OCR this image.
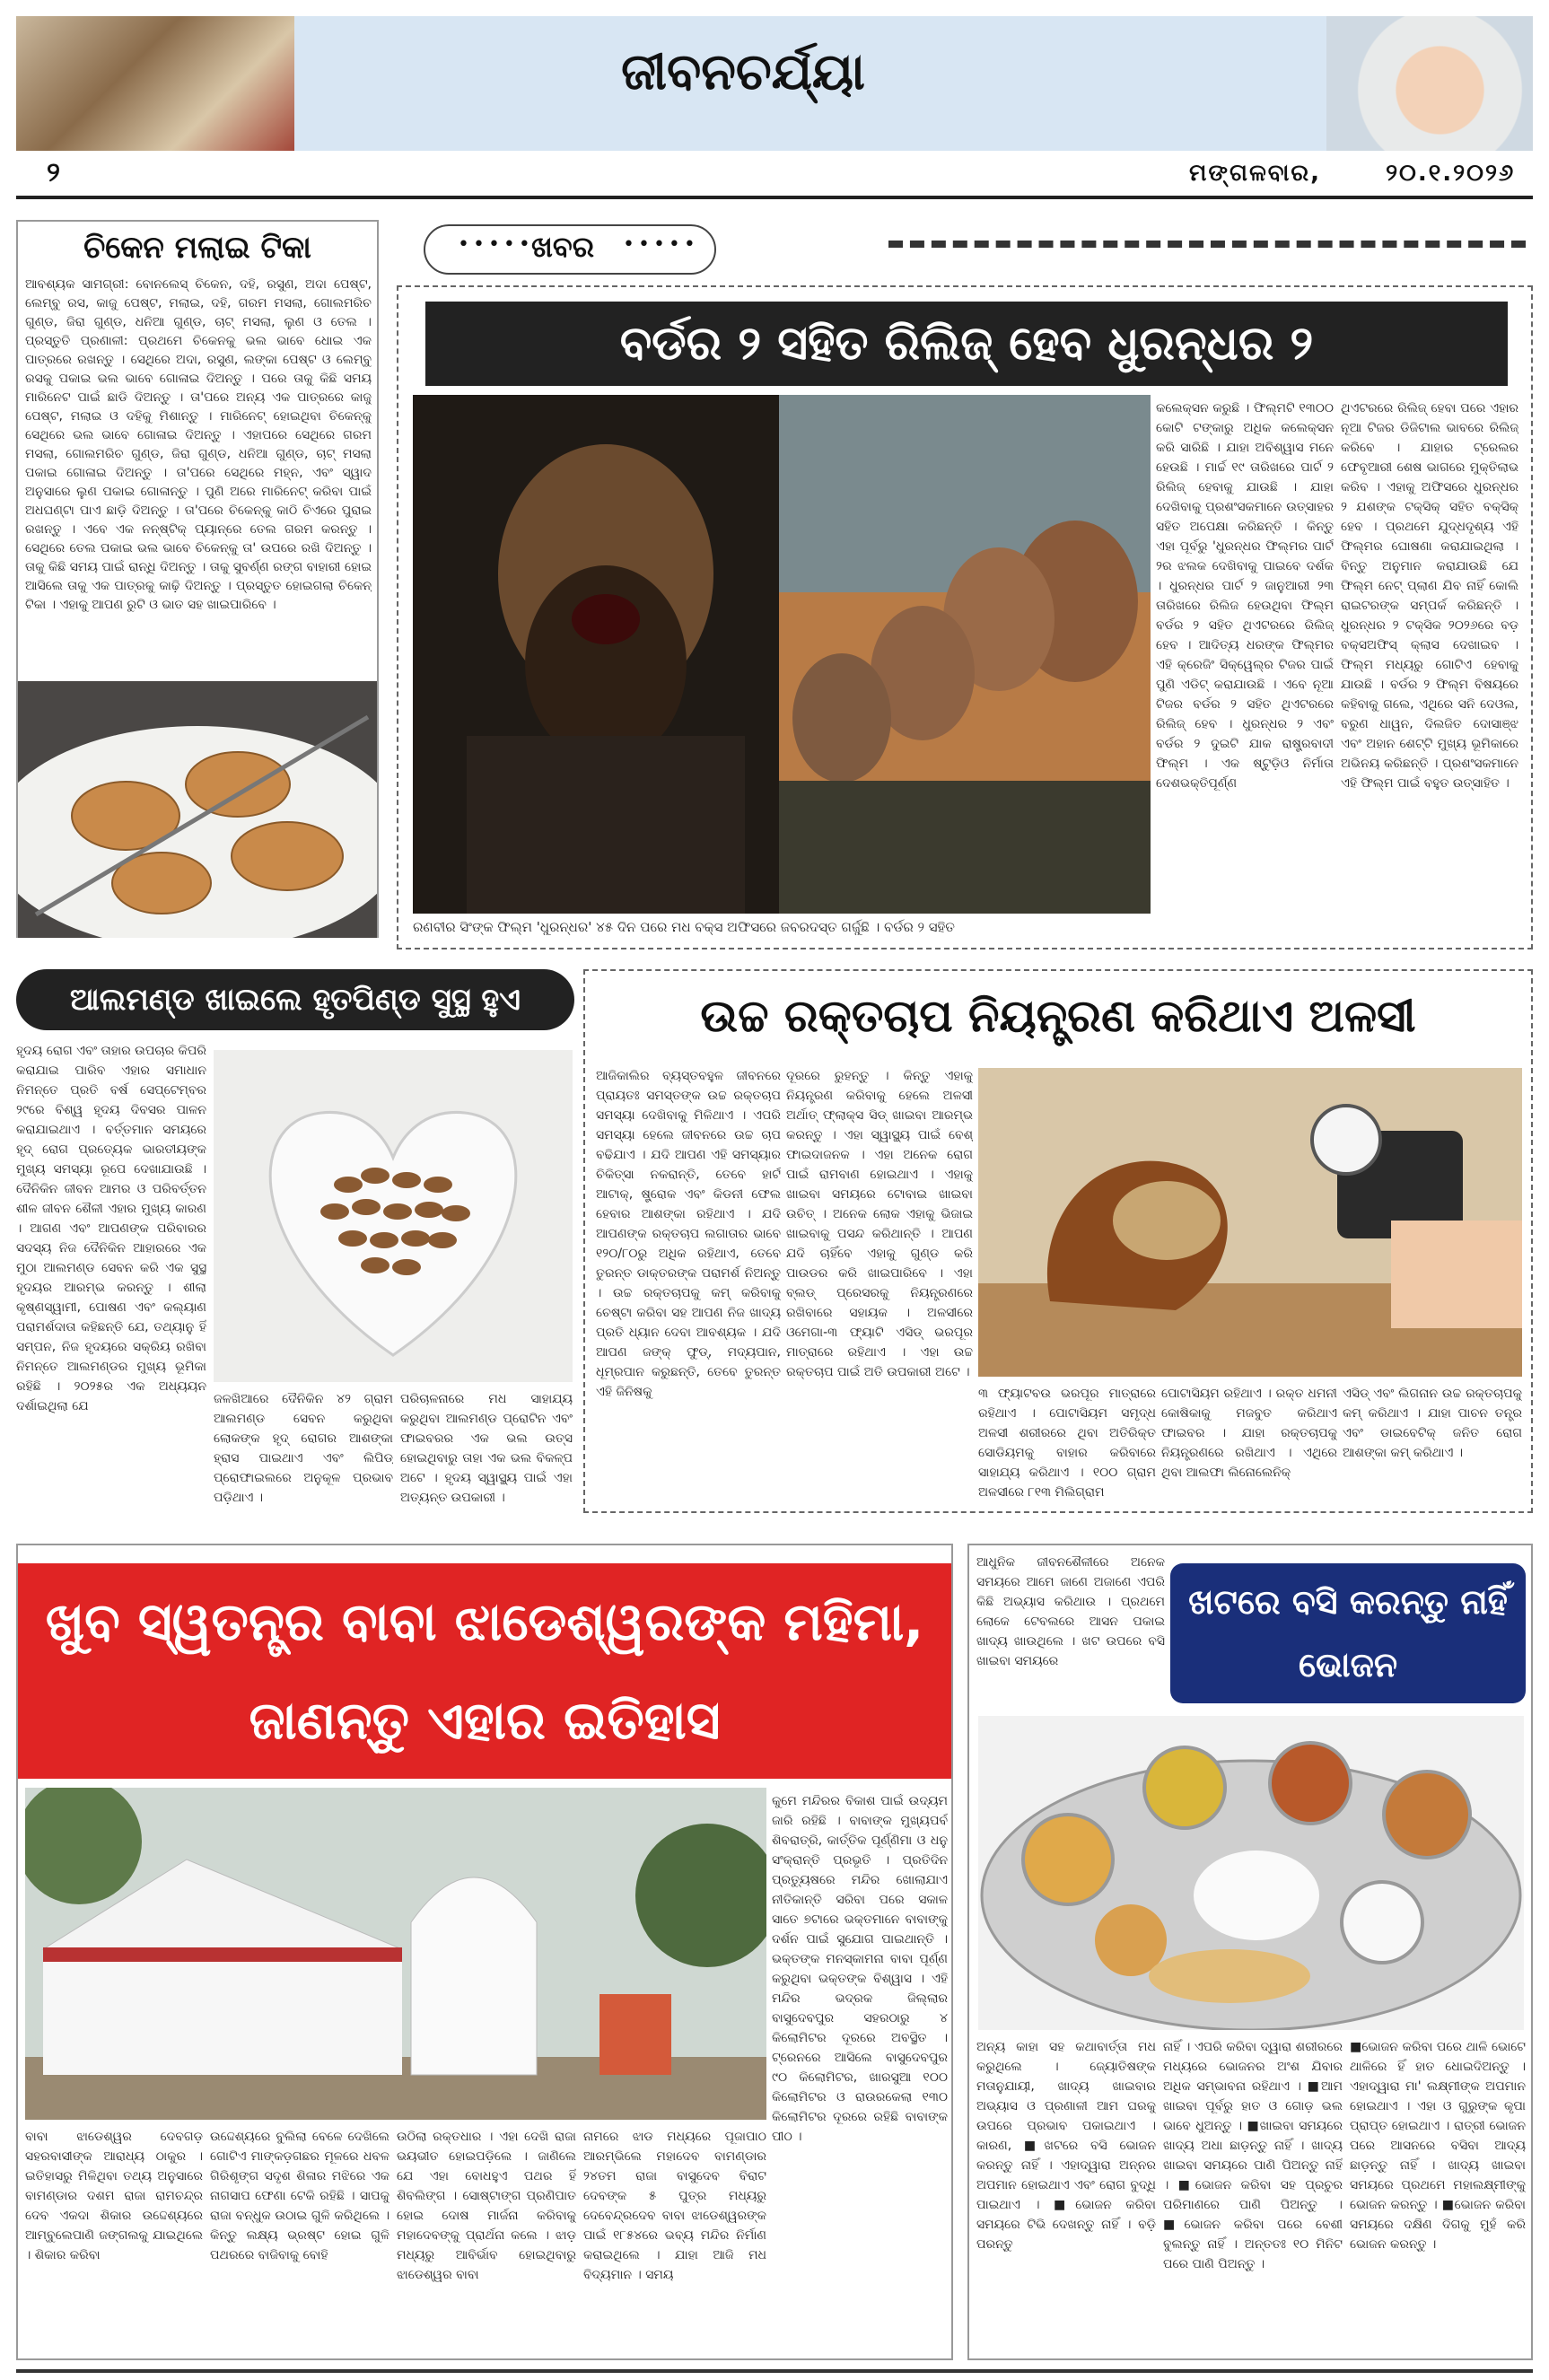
ଜୀବନଚର୍ଯ୍ୟା
୨	ମଙ୍ଗଳବାର,	୨୦.୧.୨୦୨୬
ଚିକେନ ମଲାଇ ଟିକା
ଆବଶ୍ୟକ ସାମଗ୍ରୀ: ବୋନଲେସ୍ ଚିକେନ, ଦହି, ରସୁଣ, ଅଦା ପେଷ୍ଟ, ଲେମ୍ବୁ ରସ, କାଜୁ ପେଷ୍ଟ, ମଲାଇ, ଦହି, ଗରମ ମସଲା, ଗୋଲମରିଚ ଗୁଣ୍ଡ, ଜିରା ଗୁଣ୍ଡ, ଧନିଆ ଗୁଣ୍ଡ, ଚାଟ୍ ମସଲା, ଲୁଣ ଓ ତେଲ । ପ୍ରସ୍ତୁତି ପ୍ରଣାଳୀ: ପ୍ରଥମେ ଚିକେନକୁ ଭଲ ଭାବେ ଧୋଇ ଏକ ପାତ୍ରରେ ରଖନ୍ତୁ । ସେଥିରେ ଅଦା, ରସୁଣ, ଲଙ୍କା ପେଷ୍ଟ ଓ ଲେମ୍ବୁ ରସକୁ ପକାଇ ଭଲ ଭାବେ ଗୋଳାଇ ଦିଅନ୍ତୁ । ପରେ ତାକୁ କିଛି ସମୟ ମାରିନେଟ ପାଇଁ ଛାଡି ଦିଅନ୍ତୁ । ତା'ପରେ ଅନ୍ୟ ଏକ ପାତ୍ରରେ କାଜୁ ପେଷ୍ଟ, ମଲାଇ ଓ ଦହିକୁ ମିଶାନ୍ତୁ । ମାରିନେଟ୍ ହୋଇଥିବା ଚିକେନ୍କୁ ସେଥିରେ ଭଲ ଭାବେ ଗୋଳାଇ ଦିଅନ୍ତୁ । ଏହାପରେ ସେଥିରେ ଗରମ ମସଲା, ଗୋଲମରିଚ ଗୁଣ୍ଡ, ଜିରା ଗୁଣ୍ଡ, ଧନିଆ ଗୁଣ୍ଡ, ଚାଟ୍ ମସଲା ପକାଇ ଗୋଳାଇ ଦିଅନ୍ତୁ । ତା'ପରେ ସେଥିରେ ମହ୍ନ, ଏବଂ ସ୍ୱାଦ ଅନୁସାରେ ଲୁଣ ପକାଇ ଗୋଳାନ୍ତୁ । ପୁଣି ଅରେ ମାରିନେଟ୍ କରିବା ପାଇଁ ଅଧଘଣ୍ଟା ପାଏ ଛାଡ଼ି ଦିଅନ୍ତୁ । ତା'ପରେ ଚିକେନ୍କୁ କାଠି ଚିଏରେ ପୁରାଇ ରଖନ୍ତୁ । ଏବେ ଏକ ନନ୍ଷ୍ଟିକ୍ ପ୍ୟାନ୍ରେ ତେଲ ଗରମ କରନ୍ତୁ । ସେଥିରେ ତେଲ ପକାଇ ଭଲ ଭାବେ ଚିକେନ୍କୁ ତା' ଉପରେ ରଖି ଦିଅନ୍ତୁ । ତାକୁ କିଛି ସମୟ ପାଇଁ ରାନ୍ଧି ଦିଅନ୍ତୁ । ତାକୁ ସୁବର୍ଣ୍ଣ ରଙ୍ଗ ବାହାରୀ ହୋଇ ଆସିଲେ ତାକୁ ଏକ ପାତ୍ରକୁ କାଢ଼ି ଦିଅନ୍ତୁ । ପ୍ରସ୍ତୁତ ହୋଇଗଲା ଚିକେନ୍ ଟିକା । ଏହାକୁ ଆପଣ ରୁଟି ଓ ଭାତ ସହ ଖାଇପାରିବେ ।
•••••
ଖବର •••••
ବର୍ଡର ୨ ସହିତ ରିଲିଜ୍ ହେବ ଧୁରନ୍ଧର ୨
କଲେକ୍ସନ କରୁଛି । ଫିଲ୍ମଟି ୧୩୦୦ କୋଟି ଟଙ୍କାରୁ ଅଧିକ କଲେକ୍ସନ କରି ସାରିଛି । ଯାହା ଅବିଶ୍ୱାସ ମନେ ହେଉଛି । ମାର୍ଚ୍ଚ ୧୯ ତାରିଖରେ ପାର୍ଟ ୨ ରିଲିଜ୍ ହେବାକୁ ଯାଉଛି । ଯାହା ଦେଖିବାକୁ ପ୍ରଶଂସକମାନେ ଉତ୍ସାହର ସହିତ ଅପେକ୍ଷା କରିଛନ୍ତି । କିନ୍ତୁ ଏହା ପୂର୍ବରୁ 'ଧୁରନ୍ଧର ଫିଲ୍ମର ପାର୍ଟ ୨ର ଝଲକ ଦେଖିବାକୁ ପାଇବେ ଦର୍ଶକ । ଧୁରନ୍ଧର ପାର୍ଟ ୨ ଜାନୁଆରୀ ୨୩ ତାରିଖରେ ରିଲିଜ ହେଉଥିବା ଫିଲ୍ମ ବର୍ଡର ୨ ସହିତ ଥିଏଟରରେ ରିଲିଜ୍ ହେବ । ଆଦିତ୍ୟ ଧରଙ୍କ ଫିଲ୍ମର ଏହି କ୍ରେଜିଂ ସିକ୍ୱେଲ୍ର ଟିଜର ପାଇଁ ପୁଣି ଏଡିଟ୍ କରାଯାଉଛି । ଏବେ ନୂଆ ଟିଜର ବର୍ଡର ୨ ସହିତ ଥିଏଟରରେ ରିଲିଜ୍ ହେବ । ଧୁରନ୍ଧର ୨ ଏବଂ ବର୍ଡର ୨ ଦୁଇଟି ଯାକ ରାଷ୍ଟ୍ରବାଦୀ ଫିଲ୍ମ । ଏକ ଷ୍ଟୁଡ଼ିଓ ନିର୍ମାତା ଦେଶଭକ୍ତିପୂର୍ଣ୍ଣ
ଥିଏଟରରେ ରିଲିଜ୍ ହେବା ପରେ ଏହାର ନୂଆ ଟିଜର ଡିଜିଟାଲ ଭାବରେ ରିଲିଜ୍ କରିବେ । ଯାହାର ଟ୍ରେଲର ଫେବୃଆରୀ ଶେଷ ଭାଗରେ ମୁକ୍ତିଲାଭ କରିବ । ଏହାକୁ ଅଫିସରେ ଧୁରନ୍ଧର ୨ ଯଶଙ୍କ ଟକ୍ସିକ୍ ସହିତ ବକ୍ସିକ୍ ହେବ । ପ୍ରଥମେ ଯୁଦ୍ଧଦୃଶ୍ୟ ଏହି ଫିଲ୍ମର ଘୋଷଣା କରାଯାଇଥିଲା । ବିନ୍ତୁ ଅନୁମାନ କରାଯାଉଛି ଯେ ଫିଲ୍ମ ନେଟ୍ ପ୍ଲାଣ ଯିବ ନାହିଁ କୋଲି ରାଇଟରଙ୍କ ସମ୍ପର୍କ କରିଛନ୍ତି । ଧୁରନ୍ଧର ୨ ଟକ୍ସିକ ୨୦୨୬ରେ ବଡ଼ ବକ୍ସଅଫିସ୍ କ୍ଲାସ ଦେଖାଇବ । ଫିଲ୍ମ ମଧ୍ୟରୁ ଗୋଟିଏ ହେବାକୁ ଯାଉଛି । ବର୍ଡର ୨ ଫିଲ୍ମ ବିଷୟରେ କହିବାକୁ ଗଲେ, ଏଥିରେ ସନି ଦେଓଲ, ବରୁଣ ଧାୱନ, ଦିଲଜିତ ଦୋସାଞ୍ଝ ଏବଂ ଅହାନ ଶେଟ୍ଟି ମୁଖ୍ୟ ଭୂମିକାରେ ଅଭିନୟ କରିଛନ୍ତି । ପ୍ରଶଂସକମାନେ ଏହି ଫିଲ୍ମ ପାଇଁ ବହୁତ ଉତ୍ସାହିତ ।
ରଣବୀର ସିଂଙ୍କ ଫିଲ୍ମ 'ଧୁରନ୍ଧର' ୪୫ ଦିନ ପରେ ମଧ ବକ୍ସ ଅଫିସରେ ଜବରଦସ୍ତ ଗର୍ଜୁଛି । ବର୍ଡର ୨ ସହିତ
ଆଲମଣ୍ଡ ଖାଇଲେ ହୃତପିଣ୍ଡ ସୁସ୍ଥ ହୁଏ
ହୃଦୟ ରୋଗ ଏବଂ ତାହାର ଉପଚାର କିପରି କରାଯାଇ ପାରିବ ଏହାର ସମାଧାନ ନିମନ୍ତେ ପ୍ରତି ବର୍ଷ ସେପ୍ଟେମ୍ବର ୨୯ରେ ବିଶ୍ୱ ହୃଦୟ ଦିବସର ପାଳନ କରାଯାଇଥାଏ । ବର୍ତ୍ତମାନ ସମୟରେ ହୃଦ୍ ରୋଗ ପ୍ରତ୍ୟେକ ଭାରତୀୟଙ୍କ ମୁଖ୍ୟ ସମସ୍ୟା ରୂପେ ଦେଖାଯାଉଛି । ଦୈନିକିନ ଜୀବନ ଆମର ଓ ପରିବର୍ତ୍ତନ ଶୀଳ ଜୀବନ ଶୈଳୀ ଏହାର ମୁଖ୍ୟ କାରଣ । ଆଗଣ ଏବଂ ଆପଣଙ୍କ ପରିବାରର ସଦସ୍ୟ ନିଜ ଦୈନିକିନ ଆହାରରେ ଏକ ମୁଠା ଆଲମଣ୍ଡ ସେବନ କରି ଏକ ସୁସ୍ଥ ହୃଦୟର ଆରମ୍ଭ କରନ୍ତୁ । ଶୀଲା କୃଷ୍ଣସ୍ୱାମୀ, ପୋଷଣ ଏବଂ କଲ୍ୟାଣ ପରାମର୍ଶଦାତା କହିଛନ୍ତି ଯେ, ତଥ୍ୟାନୁ ହିଁ ସମ୍ପନ, ନିଜ ହୃଦୟରେ ସକ୍ରିୟ ରଖିବା ନିମନ୍ତେ ଆଲମଣ୍ଡର ମୁଖ୍ୟ ଭୂମିକା ରହିଛି । ୨୦୨୫ର ଏକ ଅଧ୍ୟୟନ ଦର୍ଶାଇଥିଲା ଯେ	ଜଳଖିଆରେ ଦୈନିକିନ ୪୨ ଗ୍ରାମ ଆଲମଣ୍ଡ ସେବନ କରୁଥିବା ଲୋକଙ୍କ ହୃଦ୍ ରୋଗର ଆଶଙ୍କା ହ୍ରାସ ପାଇଥାଏ ଏବଂ ଲିପିଡ୍ ପ୍ରୋଫାଇଲରେ ଅନୁକୂଳ ପ୍ରଭାବ ପଡ଼ିଥାଏ ।
ପରିଚାଳନାରେ ମଧ ସାହାଯ୍ୟ କରୁଥିବା ଆଲମଣ୍ଡ ପ୍ରୋଟିନ ଏବଂ ଫାଇବରର ଏକ ଭଲ ଉତ୍ସ ହୋଇଥିବାରୁ ତାହା ଏକ ଭଲ ବିକଳ୍ପ ଅଟେ । ହୃଦୟ ସ୍ୱାସ୍ଥ୍ୟ ପାଇଁ ଏହା ଅତ୍ୟନ୍ତ ଉପକାରୀ ।
ଉଚ୍ଚ ରକ୍ତଚାପ ନିୟନ୍ତ୍ରଣ କରିଥାଏ ଅଳସୀ
ଆଜିକାଲିର ବ୍ୟସ୍ତବହୁଳ ଜୀବନରେ ପ୍ରାୟତଃ ସମସ୍ତଙ୍କ ଉଚ୍ଚ ରକ୍ତଚାପ ସମସ୍ୟା ଦେଖିବାକୁ ମିଳିଥାଏ । ଏପରି ସମସ୍ୟା ହେଲେ ଜୀବନରେ ଉଚ୍ଚ ଚାପ ବଢିଯାଏ । ଯଦି ଆପଣ ଏହି ସମସ୍ୟାର ଚିକିତ୍ସା ନକରାନ୍ତି, ତେବେ ହାର୍ଟ ଆଟାକ୍, ଷ୍ଟ୍ରୋକ ଏବଂ କିଡନୀ ଫେଲ ହେବାର ଆଶଙ୍କା ରହିଥାଏ । ଯଦି ଆପଣଙ୍କ ରକ୍ତଚାପ ଲଗାତାର ଭାବେ ୧୨୦/୮୦ରୁ ଅଧିକ ରହିଥାଏ, ତେବେ ତୁରନ୍ତ ଡାକ୍ତରଙ୍କ ପରାମର୍ଶ ନିଅନ୍ତୁ । ଉଚ୍ଚ ରକ୍ତଚାପକୁ କମ୍ କରିବାକୁ ଚେଷ୍ଟା କରିବା ସହ ଆପଣ ନିଜ ଖାଦ୍ୟ ପ୍ରତି ଧ୍ୟାନ ଦେବା ଆବଶ୍ୟକ । ଯଦି ଆପଣ ଜଙ୍କ୍ ଫୁଡ୍, ମଦ୍ୟପାନ, ଧୂମ୍ରପାନ କରୁଛନ୍ତି, ତେବେ ତୁରନ୍ତ ଏହି ଜିନିଷକୁ
ଦୂରରେ ରୁହନ୍ତୁ । କିନ୍ତୁ ଏହାକୁ ନିୟନ୍ତ୍ରଣ କରିବାକୁ ହେଲେ ଅଳସୀ ଅର୍ଥାତ୍ ଫ୍ଲାକ୍ସ ସିଡ୍ ଖାଇବା ଆରମ୍ଭ କରନ୍ତୁ । ଏହା ସ୍ୱାସ୍ଥ୍ୟ ପାଇଁ ବେଶ୍ ଫାଇଦାଜନକ । ଏହା ଅନେକ ରୋଗ ପାଇଁ ରାମବାଣ ହୋଇଥାଏ । ଏହାକୁ ଖାଇବା ସମୟରେ ଟୋବାଇ ଖାଇବା ଉଚିତ୍ । ଅନେକ ଲୋକ ଏହାକୁ ଭିଜାଇ ଖାଇବାକୁ ପସନ୍ଦ କରିଥାନ୍ତି । ଆପଣ ଯଦି ଚାହିଁବେ ଏହାକୁ ଗୁଣ୍ଡ କରି ପାଉଡର କରି ଖାଇପାରିବେ । ଏହା ବ୍ଲଡ୍ ପ୍ରେସରକୁ ନିୟନ୍ତ୍ରଣରେ ରଖିବାରେ ସହାୟକ । ଅଳସୀରେ ଓମେଗା-୩ ଫ୍ୟାଟି ଏସିଡ୍ ଭରପୂର ମାତ୍ରାରେ ରହିଥାଏ । ଏହା ଉଚ୍ଚ ରକ୍ତଚାପ ପାଇଁ ଅତି ଉପକାରୀ ଅଟେ ।
୩ ଫ୍ୟାଟବଉ ଭରପୂର ମାତ୍ରାରେ ରହିଥାଏ । ପୋଟାସିୟମ ସମୃଦ୍ଧ ଅଳସୀ ଶରୀରରେ ଥିବା ଅତିରିକ୍ତ ସୋଡିୟମକୁ ବାହାର କରିବାରେ ସାହାଯ୍ୟ କରିଥାଏ । ୧୦୦ ଗ୍ରାମ ଅଳସୀରେ ୮୧୩ ମିଲିଗ୍ରାମ
ପୋଟାସିୟମ ରହିଥାଏ । ରକ୍ତ ଧମନୀ କୋଷିକାକୁ ମଜବୁତ କରିଥାଏ ଫାଇବର । ଯାହା ରକ୍ତଚାପକୁ ନିୟନ୍ତ୍ରଣରେ ରଖିଥାଏ । ଏଥିରେ ଥିବା ଆଲଫା ଲିନୋଲେନିକ୍
ଏସିଡ୍ ଏବଂ ଲିଗନାନ ଉଚ୍ଚ ରକ୍ତଚାପକୁ କମ୍ କରିଥାଏ । ଯାହା ପାଚନ ତନ୍ତ୍ର ଏବଂ ଡାଇବେଟିକ୍ ଜନିତ ରୋଗ ଆଶଙ୍କା କମ୍ କରିଥାଏ ।
ଖୁବ ସ୍ୱତନ୍ତ୍ର ବାବା ଝାଡେଶ୍ୱରଙ୍କ ମହିମା, ଜାଣନ୍ତୁ ଏହାର ଇତିହାସ
କୁମେ ମନ୍ଦିରର ବିକାଶ ପାଇଁ ଉଦ୍ୟମ ଜାରି ରହିଛି । ବାବାଙ୍କ ମୁଖ୍ୟପର୍ବ ଶିବରାତ୍ରି, କାର୍ତ୍ତିକ ପୂର୍ଣ୍ଣିମା ଓ ଧନୁ ସଂକ୍ରାନ୍ତି ପ୍ରଭୃତି । ପ୍ରତିଦିନ ପ୍ରତ୍ୟୁଷରେ ମନ୍ଦିର ଖୋଲାଯାଏ ନୀତିକାନ୍ତି ସରିବା ପରେ ସକାଳ ସାତେ ୭ଟାରେ ଭକ୍ତମାନେ ବାବାଙ୍କୁ ଦର୍ଶନ ପାଇଁ ସୁଯୋଗ ପାଇଥାନ୍ତି । ଭକ୍ତଙ୍କ ମନସ୍କାମନା ବାବା ପୂର୍ଣ୍ଣ କରୁଥିବା ଭକ୍ତଙ୍କ ବିଶ୍ୱାସ । ଏହି ମନ୍ଦିର ଭଦ୍ରକ ଜିଲ୍ଲାର ବାସୁଦେବପୁର ସହରଠାରୁ ୪ କିଲୋମିଟର ଦୂରରେ ଅବସ୍ଥିତ । ଟ୍ରେନରେ ଆସିଲେ ବାସୁଦେବପୁର ୯୦ କିଲୋମିଟର, ଖାରସୁଆ ୧୦୦ କିଲୋମିଟର ଓ ରାଉରକେଲା ୧୩୦ କିଲୋମିଟର ଦୂରରେ ରହିଛି ବାବାଙ୍କ ପୀଠ ।
ବାବା ଝାଡେଶ୍ୱର ଦେବଗଡ଼ ସହରବାସୀଙ୍କ ଆରାଧ୍ୟ ଠାକୁର । ଇତିହାସରୁ ମିଳିଥିବା ତଥ୍ୟ ଅନୁସାରେ ବାମଣ୍ଡାର ଦଶମ ରାଜା ରାମଚନ୍ଦ୍ର ଦେବ ଏକଦା ଶିକାର ଉଦ୍ଦେଶ୍ୟରେ ଆମ୍ବୁଲେପାଣି ଜଙ୍ଗଲକୁ ଯାଇଥିଲେ । ଶିକାର କରିବା
ଉଦ୍ଦେଶ୍ୟରେ ବୁଲିଲା ବେଳେ ଦେଖିଲେ ଗୋଟିଏ ମାଙ୍କଡ଼ଗଛର ମୂଳରେ ଧବଳ ଗିରିଶୃଙ୍ଗ ସଦୃଶ ଶିଳାର ମଝିରେ ଏକ ନାଗସାପ ଫେଣା ଟେକି ରହିଛି । ସାପକୁ ରାଜା ବନ୍ଧୁକ ଉଠାଇ ଗୁଳି କରିଥିଲେ । କିନ୍ତୁ ଲକ୍ଷ୍ୟ ଭ୍ରଷ୍ଟ ହୋଇ ଗୁଳି ପଥରରେ ବାଜିବାକୁ ବୋହି
ଉଠିଲା ରକ୍ତଧାର । ଏହା ଦେଖି ରାଜା ଭୟଭୀତ ହୋଇପଡ଼ିଲେ । ଜାଣିଲେ ଯେ ଏହା ବୋଧହୁଏ ପଥର ହିଁ ଶିବଲିଙ୍ଗ । ସୋଷ୍ଟାଙ୍ଗ ପ୍ରଣିପାତ ହୋଇ ଦୋଷ ମାର୍ଜନା କରିବାକୁ ମହାଦେବଙ୍କୁ ପ୍ରାର୍ଥନା କଲେ । ଝାଡ଼ ମଧ୍ୟରୁ ଆବିର୍ଭାବ ହୋଇଥିବାରୁ ଝାଡେଶ୍ୱର ବାବା
ନାମରେ ଝାଡ ମଧ୍ୟରେ ପୂଜାପାଠ ଆରମ୍ଭିଲେ ମହାଦେବ ବାମଣ୍ଡାର ୨୪ତମ ରାଜା ବାସୁଦେବ ବିରାଟ ଦେବଙ୍କ ୫ ପୁତ୍ର ମଧ୍ୟରୁ ଦେବେନ୍ଦ୍ରଦେବ ବାବା ଝାଡେଶ୍ୱରଙ୍କ ପାଇଁ ୧୮୫୪ରେ ଭବ୍ୟ ମନ୍ଦିର ନିର୍ମାଣ କରାଇଥିଲେ । ଯାହା ଆଜି ମଧ ବିଦ୍ୟମାନ । ସମୟ
ଆଧୁନିକ ଜୀବନଶୈଳୀରେ ଅନେକ ସମୟରେ ଆମେ ଜାଣେ ଅଜାଣେ ଏପରି କିଛି ଅଭ୍ୟାସ କରିଥାଉ । ପ୍ରଥମେ ଲୋକେ ଟେବଲରେ ଆସନ ପକାଇ ଖାଦ୍ୟ ଖାଉଥିଲେ । ଖଟ ଉପରେ ବସି ଖାଇବା ସମୟରେ
ଖଟରେ ବସି କରନ୍ତୁ ନାହିଁ ଭୋଜନ
ଅନ୍ୟ କାହା ସହ କଥାବାର୍ତ୍ତା ମଧ କରୁଥିଲେ । ଜ୍ୟୋତିଷଙ୍କ ମତାନୁଯାୟୀ, ଖାଦ୍ୟ ଖାଇବାର ଅଭ୍ୟାସ ଓ ପ୍ରଣାଳୀ ଆମ ଘରକୁ ଉପରେ ପ୍ରଭାବ ପକାଇଥାଏ । କାରଣ, ■ଖଟରେ ବସି ଭୋଜନ କରନ୍ତୁ ନାହିଁ । ଏହାଦ୍ୱାରା ଅନ୍ନର ଅପମାନ ହୋଇଥାଏ ଏବଂ ରୋଗ ବୁଦ୍ଧି ପାଇଥାଏ । ■ଭୋଜନ କରିବା ସମୟରେ ଟିଭି ଦେଖନ୍ତୁ ନାହିଁ । ବଡ଼ି ପରନ୍ତୁ
ନାହିଁ । ଏପରି କରିବା ଦ୍ୱାରା ଶରୀରରେ ମଧ୍ୟରେ ଭୋଜନର ଅଂଶ ଯିବାର ଅଧିକ ସମ୍ଭାବନା ରହିଥାଏ । ■ଆମ ଖାଇବା ପୂର୍ବରୁ ହାତ ଓ ଗୋଡ଼ ଭଲ ଭାବେ ଧୁଅନ୍ତୁ । ■ଖାଇବା ସମୟରେ ଖାଦ୍ୟ ଅଧା ଛାଡ଼ନ୍ତୁ ନାହିଁ । ଖାଦ୍ୟ ଖାଇବା ସମୟରେ ପାଣି ପିଅନ୍ତୁ ନାହିଁ । ■ଭୋଜନ କରିବା ସହ ପ୍ରଚୁର ପରିମାଣରେ ପାଣି ପିଅନ୍ତୁ । ■ଭୋଜନ କରିବା ପରେ ବେଶୀ ବୁଲନ୍ତୁ ନାହିଁ । ଅନ୍ତତଃ ୧୦ ମିନିଟ ପରେ ପାଣି ପିଅନ୍ତୁ ।
■ଭୋଜନ କରିବା ପରେ ଥାଳି ଭୋଟେ ଥାଳିରେ ହିଁ ହାତ ଧୋଇଦିଅନ୍ତୁ । ଏହାଦ୍ୱାରା ମା' ଲକ୍ଷ୍ମୀଙ୍କ ଅପମାନ ହୋଇଥାଏ । ଏହା ଓ ଗୁରୁଙ୍କ କୃପା ପ୍ରାପ୍ତ ହୋଇଥାଏ । ରାତ୍ରୀ ଭୋଜନ ପରେ ଆସନରେ ବସିବା ଆଦ୍ୟ ଛାଡ଼ନ୍ତୁ ନାହିଁ । ଖାଦ୍ୟ ଖାଇବା ସମୟରେ ପ୍ରଥମେ ମହାଲକ୍ଷ୍ମୀଙ୍କୁ ଭୋଜନ କରନ୍ତୁ । ■ଭୋଜନ କରିବା ସମୟରେ ଦକ୍ଷିଣ ଦିଗକୁ ମୁହଁ କରି ଭୋଜନ କରନ୍ତୁ ।
